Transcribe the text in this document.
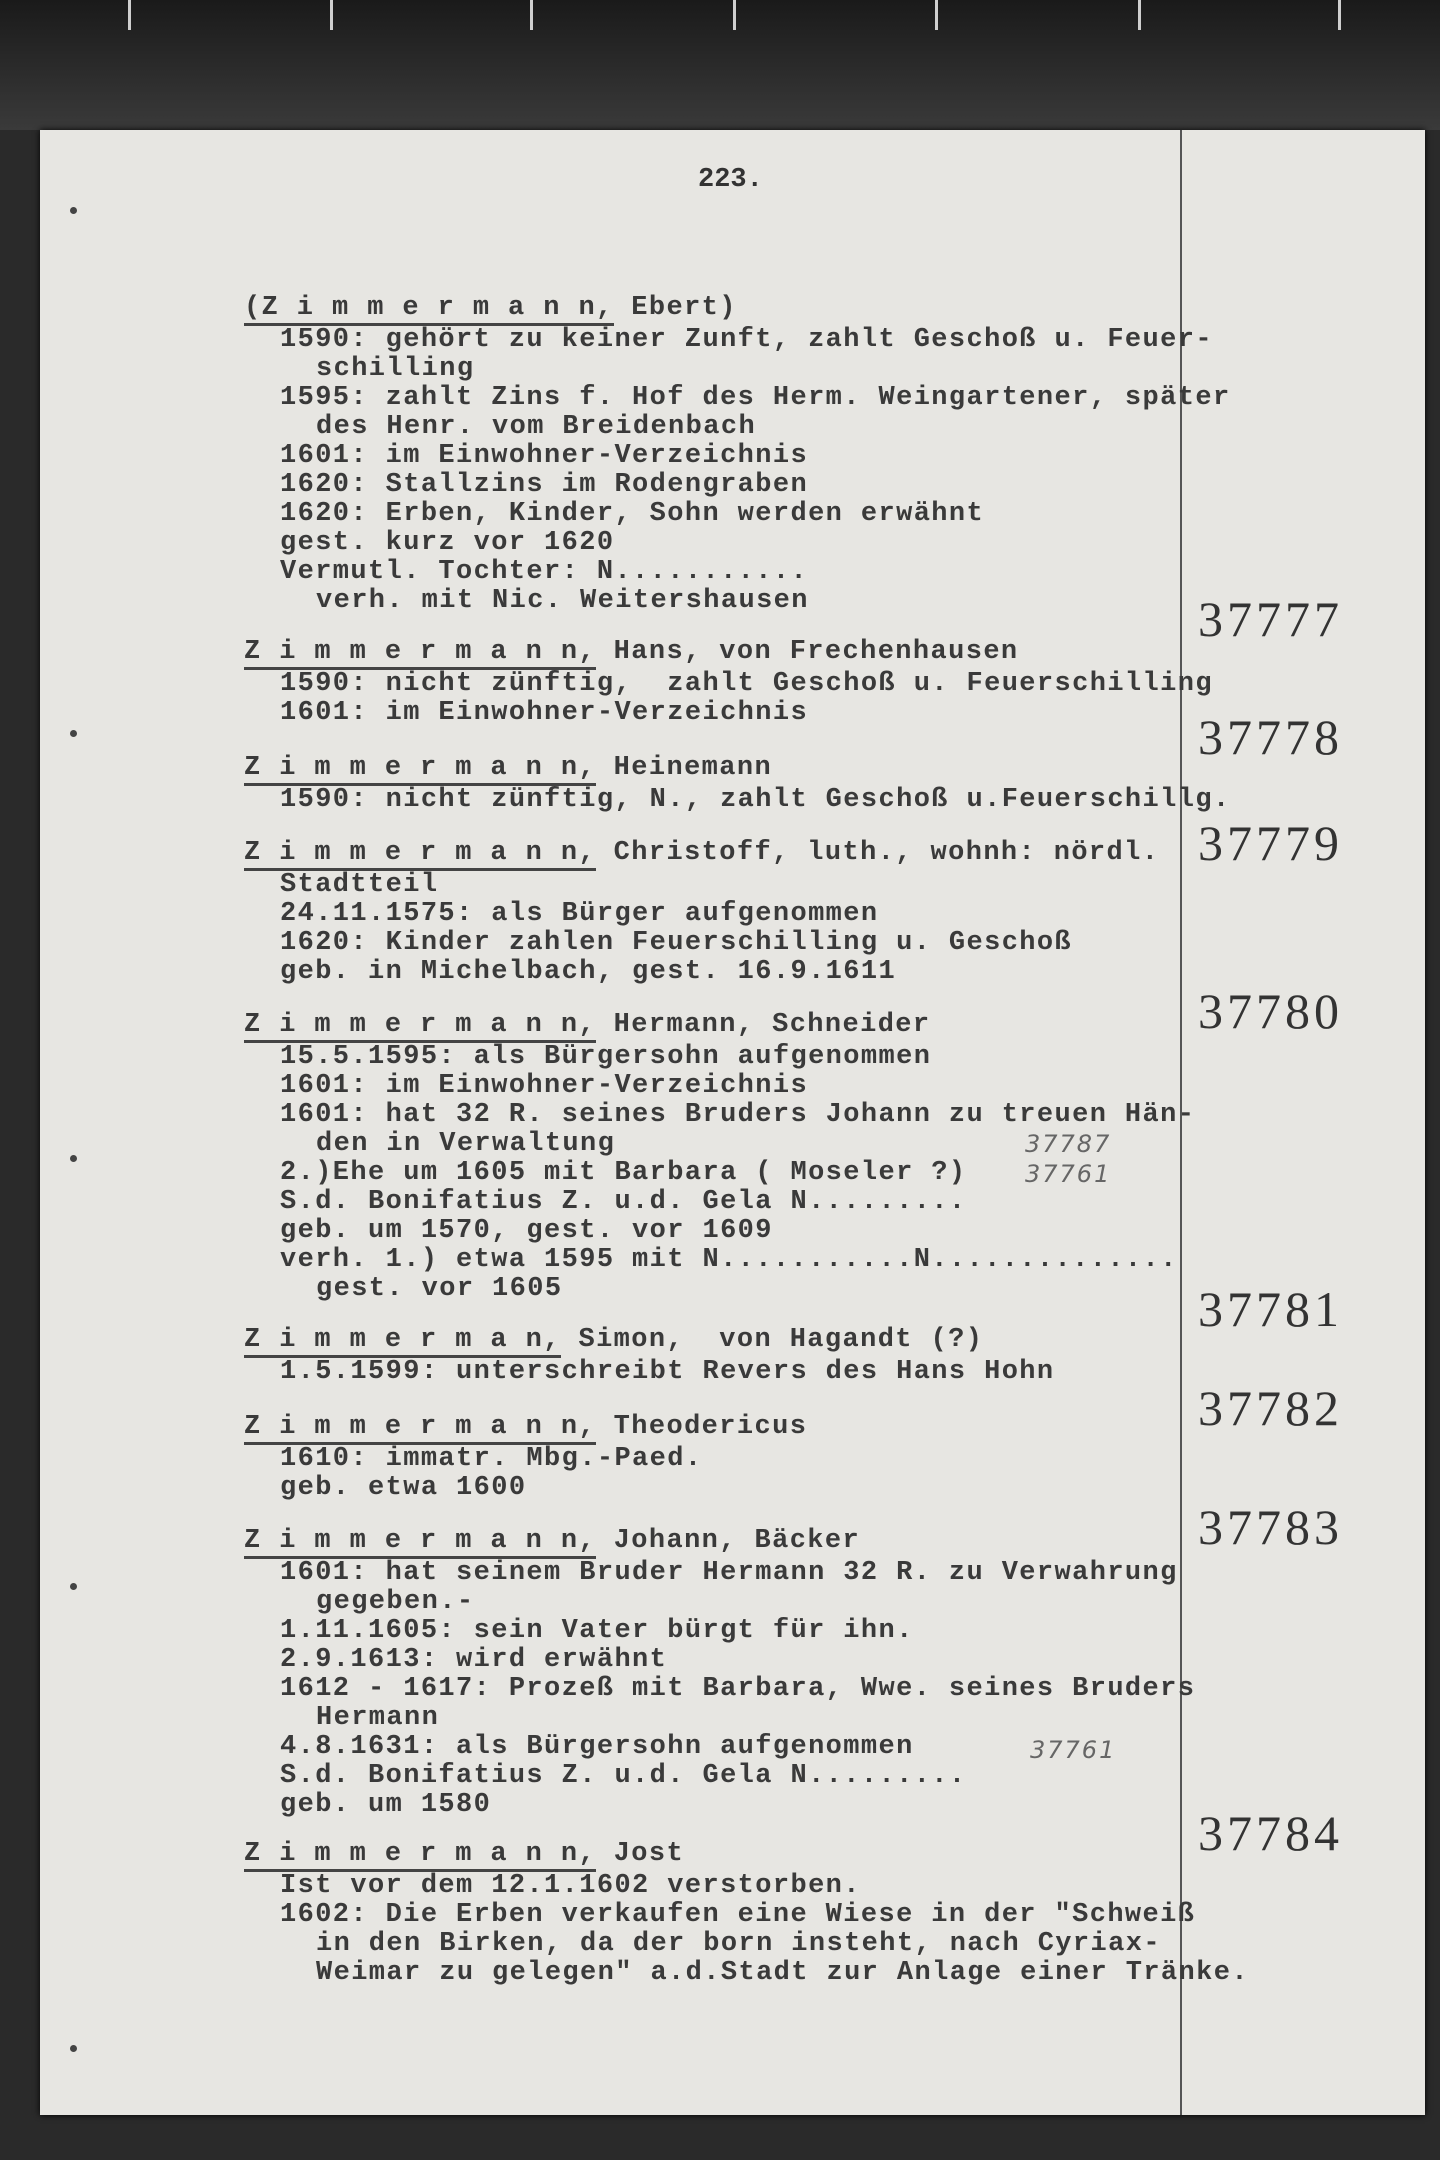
223.
(Z i m m e r m a n n, Ebert)
1590: gehört zu keiner Zunft, zahlt Geschoß u. Feuer-
schilling
1595: zahlt Zins f. Hof des Herm. Weingartener, später
des Henr. vom Breidenbach
1601: im Einwohner-Verzeichnis
1620: Stallzins im Rodengraben
1620: Erben, Kinder, Sohn werden erwähnt
gest. kurz vor 1620
Vermutl. Tochter: N...........
verh. mit Nic. Weitershausen
Z i m m e r m a n n, Hans, von Frechenhausen
1590: nicht zünftig,  zahlt Geschoß u. Feuerschilling
1601: im Einwohner-Verzeichnis
37777
Z i m m e r m a n n, Heinemann
1590: nicht zünftig, N., zahlt Geschoß u.Feuerschillg.
37778
Z i m m e r m a n n, Christoff, luth., wohnh: nördl.
Stadtteil
24.11.1575: als Bürger aufgenommen
1620: Kinder zahlen Feuerschilling u. Geschoß
geb. in Michelbach, gest. 16.9.1611
37779
Z i m m e r m a n n, Hermann, Schneider
15.5.1595: als Bürgersohn aufgenommen
1601: im Einwohner-Verzeichnis
1601: hat 32 R. seines Bruders Johann zu treuen Hän-
den in Verwaltung
2.)Ehe um 1605 mit Barbara ( Moseler ?)
S.d. Bonifatius Z. u.d. Gela N.........
geb. um 1570, gest. vor 1609
verh. 1.) etwa 1595 mit N...........N..............
gest. vor 1605
37780
Z i m m e r m a n, Simon,  von Hagandt (?)
1.5.1599: unterschreibt Revers des Hans Hohn
37781
Z i m m e r m a n n, Theodericus
1610: immatr. Mbg.-Paed.
geb. etwa 1600
37782
Z i m m e r m a n n, Johann, Bäcker
1601: hat seinem Bruder Hermann 32 R. zu Verwahrung
gegeben.-
1.11.1605: sein Vater bürgt für ihn.
2.9.1613: wird erwähnt
1612 - 1617: Prozeß mit Barbara, Wwe. seines Bruders
Hermann
4.8.1631: als Bürgersohn aufgenommen
S.d. Bonifatius Z. u.d. Gela N.........
geb. um 1580
37783
Z i m m e r m a n n, Jost
Ist vor dem 12.1.1602 verstorben.
1602: Die Erben verkaufen eine Wiese in der "Schweiß
in den Birken, da der born insteht, nach Cyriax-
Weimar zu gelegen" a.d.Stadt zur Anlage einer Tränke.
37784
37787
37761
37761
